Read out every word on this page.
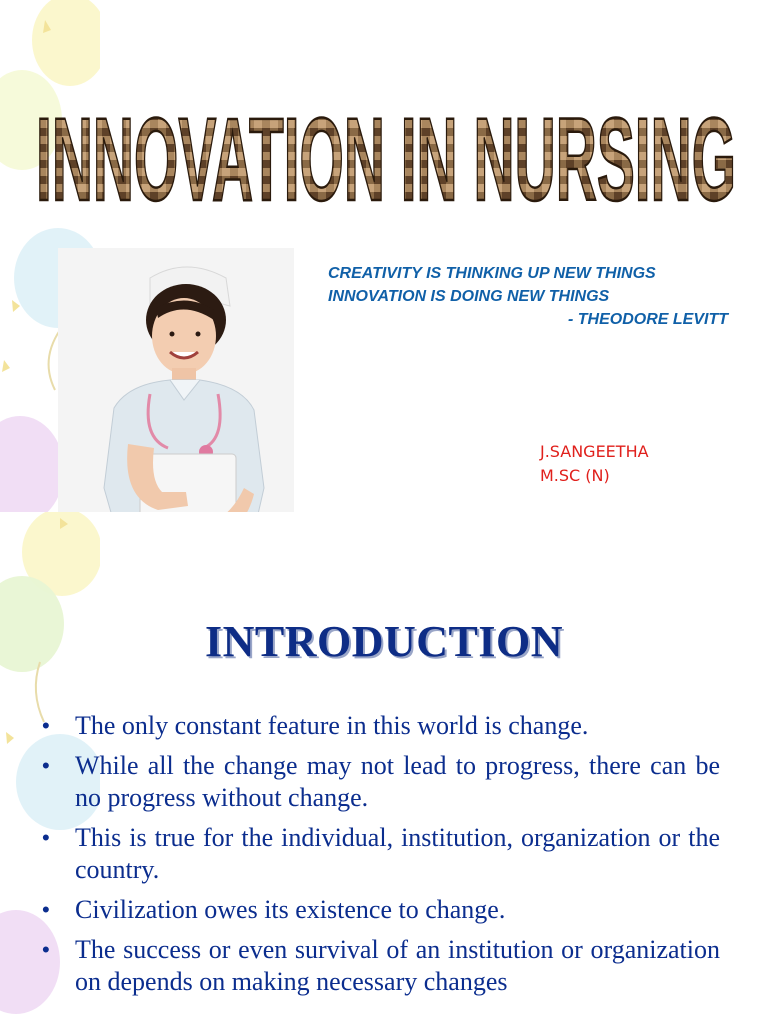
INNOVATION IN NURSING
CREATIVITY IS THINKING UP NEW THINGS
INNOVATION IS DOING NEW THINGS
- THEODORE LEVITT
J.SANGEETHA
M.SC (N)
INTRODUCTION
• The only constant feature in this world is change.
• While all the change may not lead to progress, there can be no progress without change.
• This is true for the individual, institution, organization or the country.
• Civilization owes its existence to change.
• The success or even survival of an institution or organization on depends on making necessary changes
